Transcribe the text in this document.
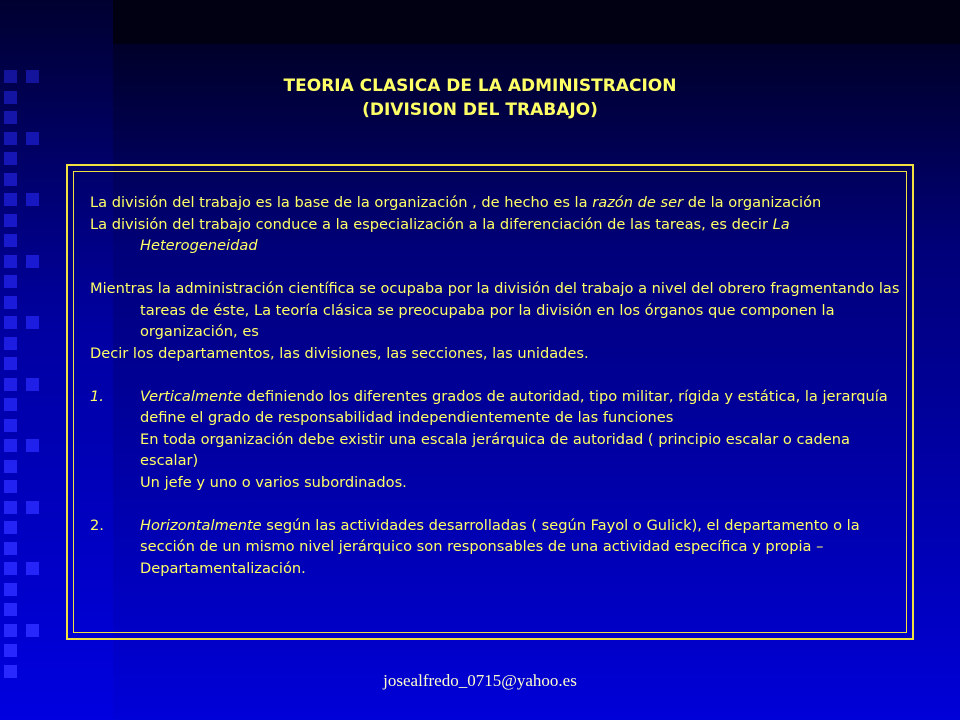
TEORIA CLASICA DE LA ADMINISTRACION
(DIVISION DEL TRABAJO)

La división del trabajo es la base de la organización , de hecho es la razón de ser de la organización

La división del trabajo conduce a la especialización a la diferenciación de las tareas, es decir La Heterogeneidad

Mientras la administración científica se ocupaba por la división del trabajo a nivel del obrero fragmentando las tareas de éste, La teoría clásica se preocupaba por la división en los órganos que componen la organización, es

Decir los departamentos, las divisiones, las secciones, las unidades.

1. Verticalmente definiendo los diferentes grados de autoridad, tipo militar, rígida y estática, la jerarquía define el grado de responsabilidad independientemente de las funciones
En toda organización debe existir una escala jerárquica de autoridad ( principio escalar o cadena escalar)
Un jefe y uno o varios subordinados.
2. Horizontalmente según las actividades desarrolladas ( según Fayol o Gulick), el departamento o la sección de un mismo nivel jerárquico son responsables de una actividad específica y propia – Departamentalización.
josealfredo_0715@yahoo.es
